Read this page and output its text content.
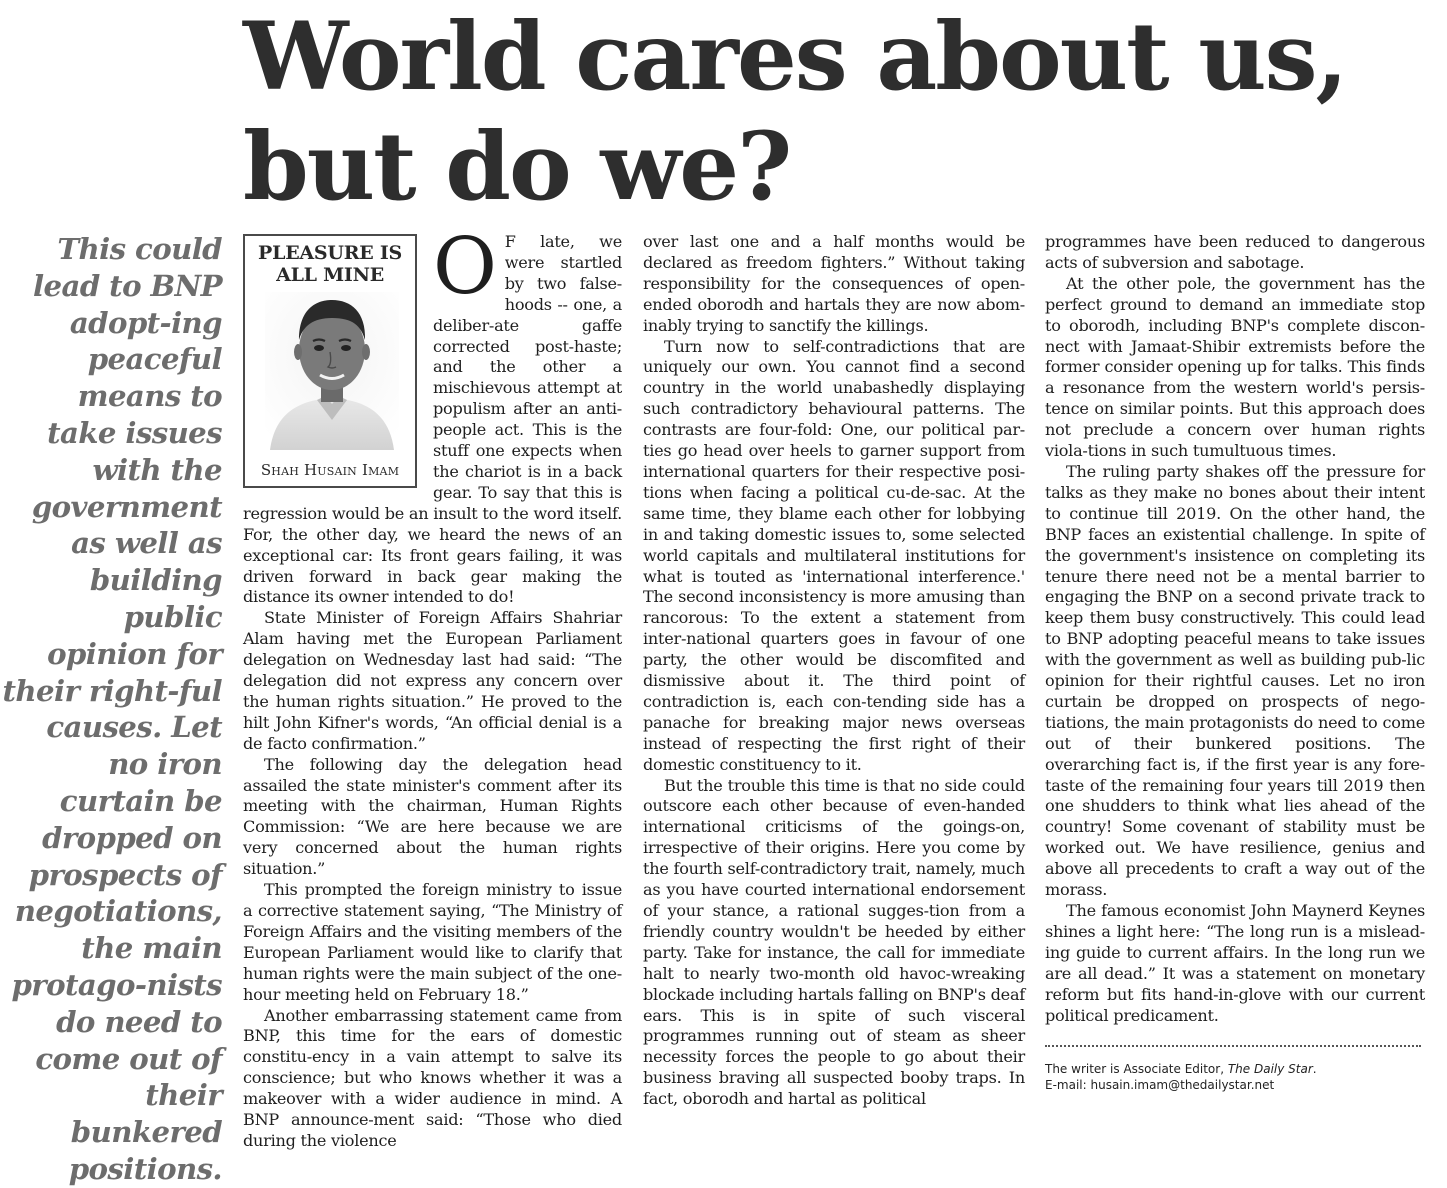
World cares about us,
but do we?

This could lead to BNP adopt-ing peaceful means to take issues with the government as well as building public opinion for their right-ful causes. Let no iron curtain be dropped on prospects of negotiations, the main protago-nists do need to come out of their bunkered positions.

PLEASURE IS ALL MINE
Shah Husain Imam
O F late, we were startled by two false-hoods -- one, a deliber-ate gaffe corrected post-haste; and the other a mischievous attempt at populism after an anti-people act. This is the stuff one expects when the chariot is in a back gear. To say that this is regression would be an insult to the word itself. For, the other day, we heard the news of an exceptional car: Its front gears failing, it was driven forward in back gear making the distance its owner intended to do!

State Minister of Foreign Affairs Shahriar Alam having met the European Parliament delegation on Wednesday last had said: “The delegation did not express any concern over the human rights situation.” He proved to the hilt John Kifner's words, “An official denial is a de facto confirmation.”

The following day the delegation head assailed the state minister's comment after its meeting with the chairman, Human Rights Commission: “We are here because we are very concerned about the human rights situation.”

This prompted the foreign ministry to issue a corrective statement saying, “The Ministry of Foreign Affairs and the visiting members of the European Parliament would like to clarify that human rights were the main subject of the one-hour meeting held on February 18.”

Another embarrassing statement came from BNP, this time for the ears of domestic constitu-ency in a vain attempt to salve its conscience; but who knows whether it was a makeover with a wider audience in mind. A BNP announce-ment said: “Those who died during the violence

over last one and a half months would be declared as freedom fighters.” Without taking responsibility for the consequences of open-ended oborodh and hartals they are now abom-inably trying to sanctify the killings.

Turn now to self-contradictions that are uniquely our own. You cannot find a second country in the world unabashedly displaying such contradictory behavioural patterns. The contrasts are four-fold: One, our political par-ties go head over heels to garner support from international quarters for their respective posi-tions when facing a political cu-de-sac. At the same time, they blame each other for lobbying in and taking domestic issues to, some selected world capitals and multilateral institutions for what is touted as 'international interference.' The second inconsistency is more amusing than rancorous: To the extent a statement from inter-national quarters goes in favour of one party, the other would be discomfited and dismissive about it. The third point of contradiction is, each con-tending side has a panache for breaking major news overseas instead of respecting the first right of their domestic constituency to it.

But the trouble this time is that no side could outscore each other because of even-handed international criticisms of the goings-on, irrespective of their origins. Here you come by the fourth self-contradictory trait, namely, much as you have courted international endorsement of your stance, a rational sugges-tion from a friendly country wouldn't be heeded by either party. Take for instance, the call for immediate halt to nearly two-month old havoc-wreaking blockade including hartals falling on BNP's deaf ears. This is in spite of such visceral programmes running out of steam as sheer necessity forces the people to go about their business braving all suspected booby traps. In fact, oborodh and hartal as political

programmes have been reduced to dangerous acts of subversion and sabotage.

At the other pole, the government has the perfect ground to demand an immediate stop to oborodh, including BNP's complete discon-nect with Jamaat-Shibir extremists before the former consider opening up for talks. This finds a resonance from the western world's persis-tence on similar points. But this approach does not preclude a concern over human rights viola-tions in such tumultuous times.

The ruling party shakes off the pressure for talks as they make no bones about their intent to continue till 2019. On the other hand, the BNP faces an existential challenge. In spite of the government's insistence on completing its tenure there need not be a mental barrier to engaging the BNP on a second private track to keep them busy constructively. This could lead to BNP adopting peaceful means to take issues with the government as well as building pub-lic opinion for their rightful causes. Let no iron curtain be dropped on prospects of nego-tiations, the main protagonists do need to come out of their bunkered positions. The overarching fact is, if the first year is any fore-taste of the remaining four years till 2019 then one shudders to think what lies ahead of the country! Some covenant of stability must be worked out. We have resilience, genius and above all precedents to craft a way out of the morass.

The famous economist John Maynerd Keynes shines a light here: “The long run is a mislead-ing guide to current affairs. In the long run we are all dead.” It was a statement on monetary reform but fits hand-in-glove with our current political predicament.

The writer is Associate Editor, The Daily Star.
E-mail: husain.imam@thedailystar.net
